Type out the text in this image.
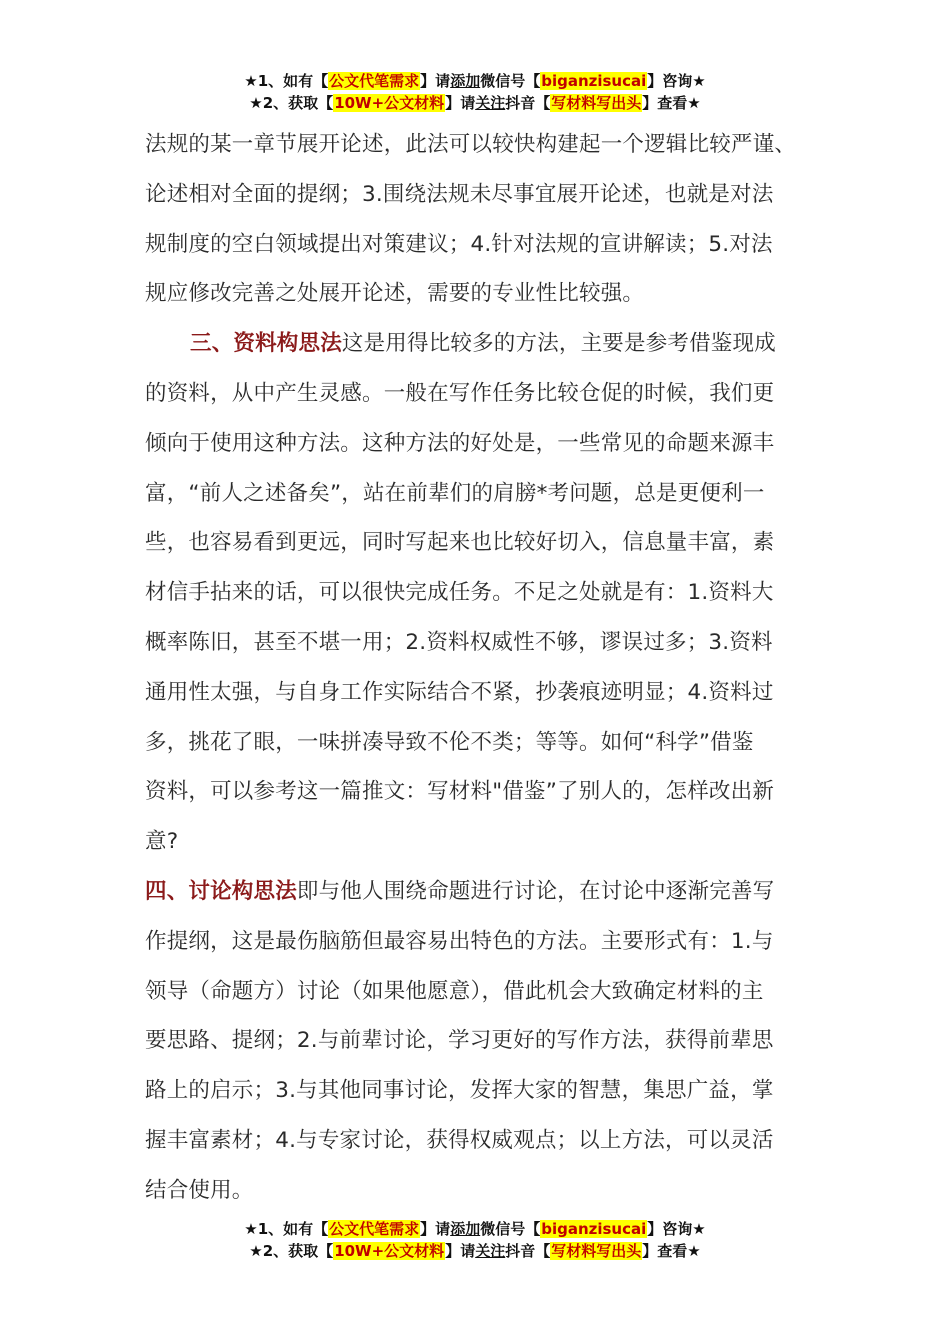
★1、如有【公文代笔需求】请添加微信号【biganzisucai】咨询★
★2、获取【10W+公文材料】请关注抖音【写材料写出头】查看★
法规的某一章节展开论述，此法可以较快构建起一个逻辑比较严谨、
论述相对全面的提纲；3.围绕法规未尽事宜展开论述，也就是对法
规制度的空白领域提出对策建议；4.针对法规的宣讲解读；5.对法
规应修改完善之处展开论述，需要的专业性比较强。
三、资料构思法这是用得比较多的方法，主要是参考借鉴现成
的资料，从中产生灵感。一般在写作任务比较仓促的时候，我们更
倾向于使用这种方法。这种方法的好处是，一些常见的命题来源丰
富，“前人之述备矣”，站在前辈们的肩膀*考问题，总是更便利一
些，也容易看到更远，同时写起来也比较好切入，信息量丰富，素
材信手拈来的话，可以很快完成任务。不足之处就是有：1.资料大
概率陈旧，甚至不堪一用；2.资料权威性不够，谬误过多；3.资料
通用性太强，与自身工作实际结合不紧，抄袭痕迹明显；4.资料过
多，挑花了眼，一味拼凑导致不伦不类；等等。如何“科学”借鉴
资料，可以参考这一篇推文：写材料"借鉴”了别人的，怎样改出新
意?
四、讨论构思法即与他人围绕命题进行讨论，在讨论中逐渐完善写
作提纲，这是最伤脑筋但最容易出特色的方法。主要形式有：1.与
领导（命题方）讨论（如果他愿意），借此机会大致确定材料的主
要思路、提纲；2.与前辈讨论，学习更好的写作方法，获得前辈思
路上的启示；3.与其他同事讨论，发挥大家的智慧，集思广益，掌
握丰富素材；4.与专家讨论，获得权威观点；以上方法，可以灵活
结合使用。
★1、如有【公文代笔需求】请添加微信号【biganzisucai】咨询★
★2、获取【10W+公文材料】请关注抖音【写材料写出头】查看★
